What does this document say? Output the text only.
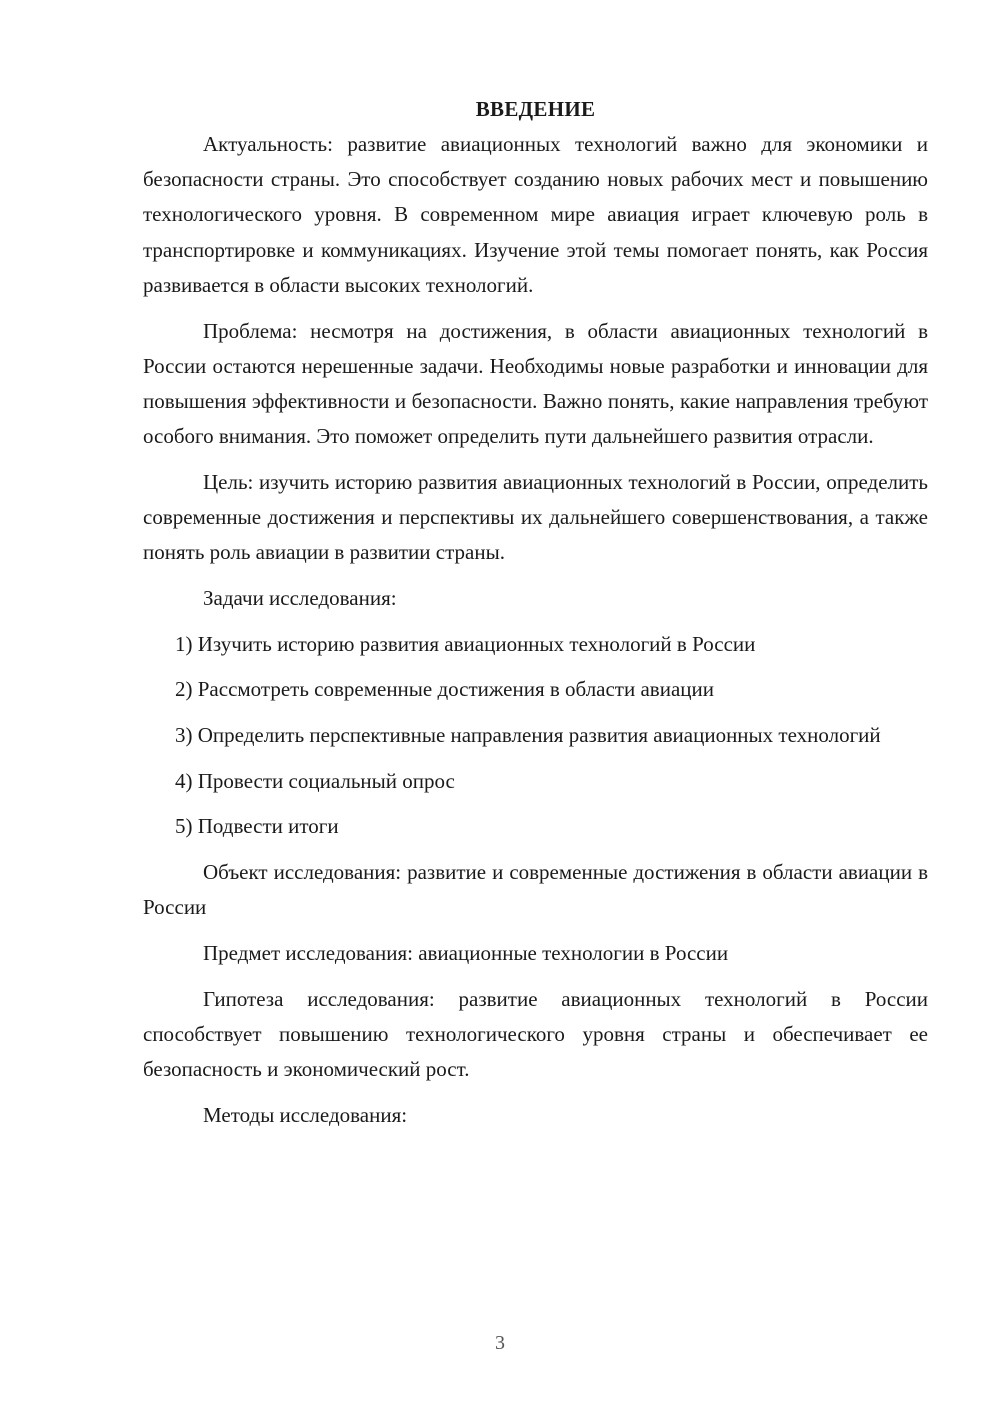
ВВЕДЕНИЕ

Актуальность: развитие авиационных технологий важно для экономики и безопасности страны. Это способствует созданию новых рабочих мест и повышению технологического уровня. В современном мире авиация играет ключевую роль в транспортировке и коммуникациях. Изучение этой темы помогает понять, как Россия развивается в области высоких технологий.

Проблема: несмотря на достижения, в области авиационных технологий в России остаются нерешенные задачи. Необходимы новые разработки и инновации для повышения эффективности и безопасности. Важно понять, какие направления требуют особого внимания. Это поможет определить пути дальнейшего развития отрасли.

Цель: изучить историю развития авиационных технологий в России, определить современные достижения и перспективы их дальнейшего совершенствования, а также понять роль авиации в развитии страны.

Задачи исследования:

1) Изучить историю развития авиационных технологий в России

2) Рассмотреть современные достижения в области авиации

3) Определить перспективные направления развития авиационных технологий

4) Провести социальный опрос

5) Подвести итоги

Объект исследования: развитие и современные достижения в области авиации в России

Предмет исследования: авиационные технологии в России

Гипотеза исследования: развитие авиационных технологий в России способствует повышению технологического уровня страны и обеспечивает ее безопасность и экономический рост.

Методы исследования:

3
